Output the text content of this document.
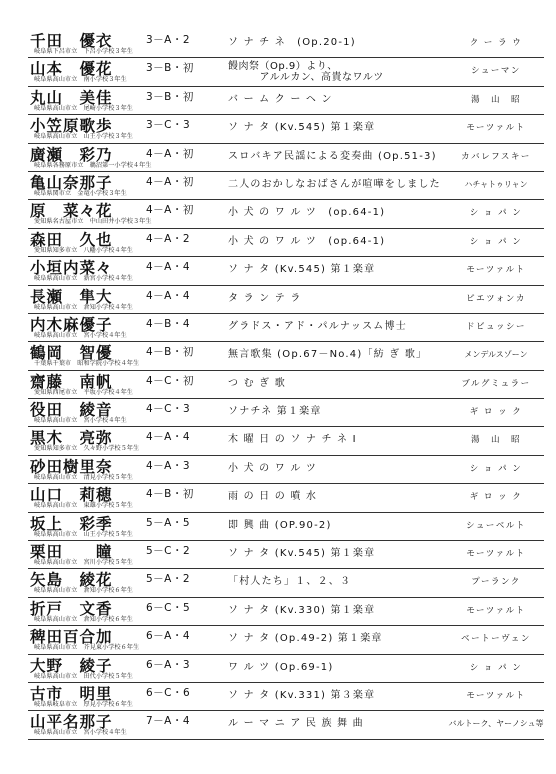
千田　優衣	3－A・2
岐阜県下呂市立　下呂小学校３年生
ソ ナ チ ネ　(Op.20-1)	ク ー ラ ウ
山本　優花	3－B・初
岐阜県高山市立　南小学校３年生
饅肉祭（Op.9）より、
　　　アルルカン、高貴なワルツ
シューマン
丸山　美佳	3－B・初
岐阜県高山市立　尾崎小学校３年生
バ ー ム ク ー ヘ ン	湯　山　昭
小笠原歌歩	3－C・3
岐阜県高山市立　山王小学校３年生
ソ ナ タ (Kv.545) 第１楽章	モーツァルト
廣瀬　彩乃	4－A・初
岐阜県各務原市立　鵜沼第一小学校４年生
スロバキア民謡による変奏曲 (Op.51-3)	カバレフスキー
亀山奈那子	4－A・初
岐阜県関市立　金竜小学校３年生
二人のおかしなおばさんが喧嘩をしました	ハチャトゥリャン
原　菜々花	4－A・初
愛知県名古屋市立　中山田井小学校３年生
小 犬 の ワ ル ツ　(op.64-1)	シ ョ パ ン
森田　久也	4－A・2
愛知県知多市立　八幡小学校４年生
小 犬 の ワ ル ツ　(op.64-1)	シ ョ パ ン
小垣内菜々	4－A・4
岐阜県高山市立　新宮小学校４年生
ソ ナ タ (Kv.545) 第１楽章	モーツァルト
長瀬　隼大	4－A・4
岐阜県高山市立　倉知小学校４年生
タ ラ ン テ ラ	ピエツォンカ
内木麻優子	4－B・4
岐阜県高山市立　宮小学校４年生
グラドス・アド・パルナッスム博士	ドビュッシー
鶴岡　智優	4－B・初
千葉県千葉市　昭和学院小学校４年生
無言歌集 (Op.67－No.4)「紡 ぎ 歌」	メンデルスゾーン
齋藤　南帆	4－C・初
愛知県西尾市立　平坂小学校４年生
つ む ぎ 歌	ブルグミュラー
役田　綾音	4－C・3
岐阜県高山市立　宮小学校４年生
ソナチネ 第１楽章	ギ ロ ッ ク
黒木　亮弥	4－A・4
愛知県知多市立　久々野小学校５年生
木 曜 日 の ソ ナ チ ネ Ⅰ	湯　山　昭
砂田樹里奈	4－A・3
岐阜県高山市立　清見小学校５年生
小 犬 の ワ ル ツ	シ ョ パ ン
山口　莉穂	4－B・初
岐阜県高山市立　東雄小学校５年生
雨 の 日 の 噴 水	ギ ロ ッ ク
坂上　彩季	5－A・5
岐阜県高山市立　山王小学校５年生
即 興 曲 (OP.90-2)	シューベルト
栗田　　瞳	5－C・2
岐阜県高山市立　宮川小学校５年生
ソ ナ タ (Kv.545) 第１楽章	モーツァルト
矢島　綾花	5－A・2
岐阜県高山市立　倉知小学校６年生
「村人たち」１、２、３	プーランク
折戸　文香	6－C・5
岐阜県高山市立　倉知小学校６年生
ソ ナ タ (Kv.330) 第１楽章	モーツァルト
稗田百合加	6－A・4
岐阜県高山市立　芥見東小学校６年生
ソ ナ タ (Op.49-2) 第１楽章	ベートーヴェン
大野　綾子	6－A・3
岐阜県高山市立　田代小学校５年生
ワ ル ツ (Op.69-1)	シ ョ パ ン
古市　明里	6－C・6
岐阜県岐阜市立　厚見小学校６年生
ソ ナ タ (Kv.331) 第３楽章	モーツァルト
山平名那子	7－A・4
岐阜県高山市立　宮小学校４年生
ル ー マ ニ ア 民 族 舞 曲	バルトーク、ヤーノシュ等
